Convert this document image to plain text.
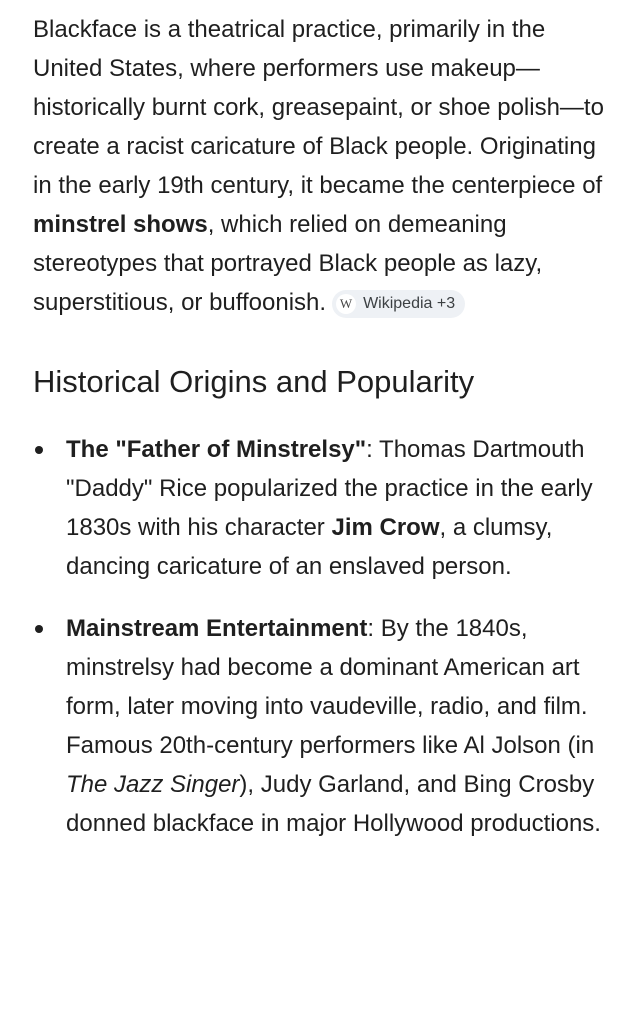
Blackface is a theatrical practice, primarily in the United States, where performers use makeup—historically burnt cork, greasepaint, or shoe polish—to create a racist caricature of Black people. Originating in the early 19th century, it became the centerpiece of minstrel shows, which relied on demeaning stereotypes that portrayed Black people as lazy, superstitious, or buffoonish. W Wikipedia +3

Historical Origins and Popularity
The "Father of Minstrelsy": Thomas Dartmouth "Daddy" Rice popularized the practice in the early 1830s with his character Jim Crow, a clumsy, dancing caricature of an enslaved person.
Mainstream Entertainment: By the 1840s, minstrelsy had become a dominant American art form, later moving into vaudeville, radio, and film. Famous 20th-century performers like Al Jolson (in The Jazz Singer), Judy Garland, and Bing Crosby donned blackface in major Hollywood productions.
